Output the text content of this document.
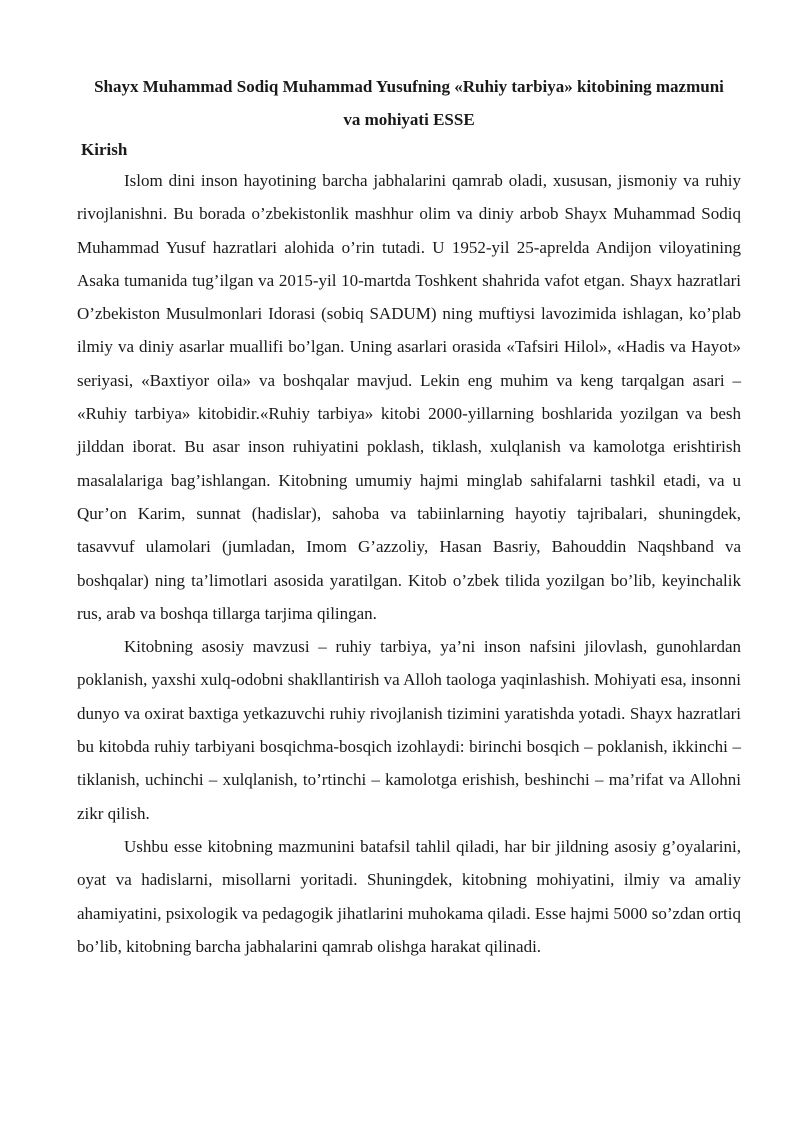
Shayx Muhammad Sodiq Muhammad Yusufning «Ruhiy tarbiya» kitobining mazmuni va mohiyati ESSE

Kirish

Islom dini inson hayotining barcha jabhalarini qamrab oladi, xususan, jismoniy va ruhiy rivojlanishni. Bu borada o’zbekistonlik mashhur olim va diniy arbob Shayx Muhammad Sodiq Muhammad Yusuf hazratlari alohida o’rin tutadi. U 1952-yil 25-aprelda Andijon viloyatining Asaka tumanida tug’ilgan va 2015-yil 10-martda Toshkent shahrida vafot etgan. Shayx hazratlari O’zbekiston Musulmonlari Idorasi (sobiq SADUM) ning muftiysi lavozimida ishlagan, ko’plab ilmiy va diniy asarlar muallifi bo’lgan. Uning asarlari orasida «Tafsiri Hilol», «Hadis va Hayot» seriyasi, «Baxtiyor oila» va boshqalar mavjud. Lekin eng muhim va keng tarqalgan asari – «Ruhiy tarbiya» kitobidir.«Ruhiy tarbiya» kitobi 2000-yillarning boshlarida yozilgan va besh jilddan iborat. Bu asar inson ruhiyatini poklash, tiklash, xulqlanish va kamolotga erishtirish masalalariga bag’ishlangan. Kitobning umumiy hajmi minglab sahifalarni tashkil etadi, va u Qur’on Karim, sunnat (hadislar), sahoba va tabiinlarning hayotiy tajribalari, shuningdek, tasavvuf ulamolari (jumladan, Imom G’azzoliy, Hasan Basriy, Bahouddin Naqshband va boshqalar) ning ta’limotlari asosida yaratilgan. Kitob o’zbek tilida yozilgan bo’lib, keyinchalik rus, arab va boshqa tillarga tarjima qilingan.

Kitobning asosiy mavzusi – ruhiy tarbiya, ya’ni inson nafsini jilovlash, gunohlardan poklanish, yaxshi xulq-odobni shakllantirish va Alloh taologa yaqinlashish. Mohiyati esa, insonni dunyo va oxirat baxtiga yetkazuvchi ruhiy rivojlanish tizimini yaratishda yotadi. Shayx hazratlari bu kitobda ruhiy tarbiyani bosqichma-bosqich izohlaydi: birinchi bosqich – poklanish, ikkinchi – tiklanish, uchinchi – xulqlanish, to’rtinchi – kamolotga erishish, beshinchi – ma’rifat va Allohni zikr qilish.

Ushbu esse kitobning mazmunini batafsil tahlil qiladi, har bir jildning asosiy g’oyalarini, oyat va hadislarni, misollarni yoritadi. Shuningdek, kitobning mohiyatini, ilmiy va amaliy ahamiyatini, psixologik va pedagogik jihatlarini muhokama qiladi. Esse hajmi 5000 so’zdan ortiq bo’lib, kitobning barcha jabhalarini qamrab olishga harakat qilinadi.
